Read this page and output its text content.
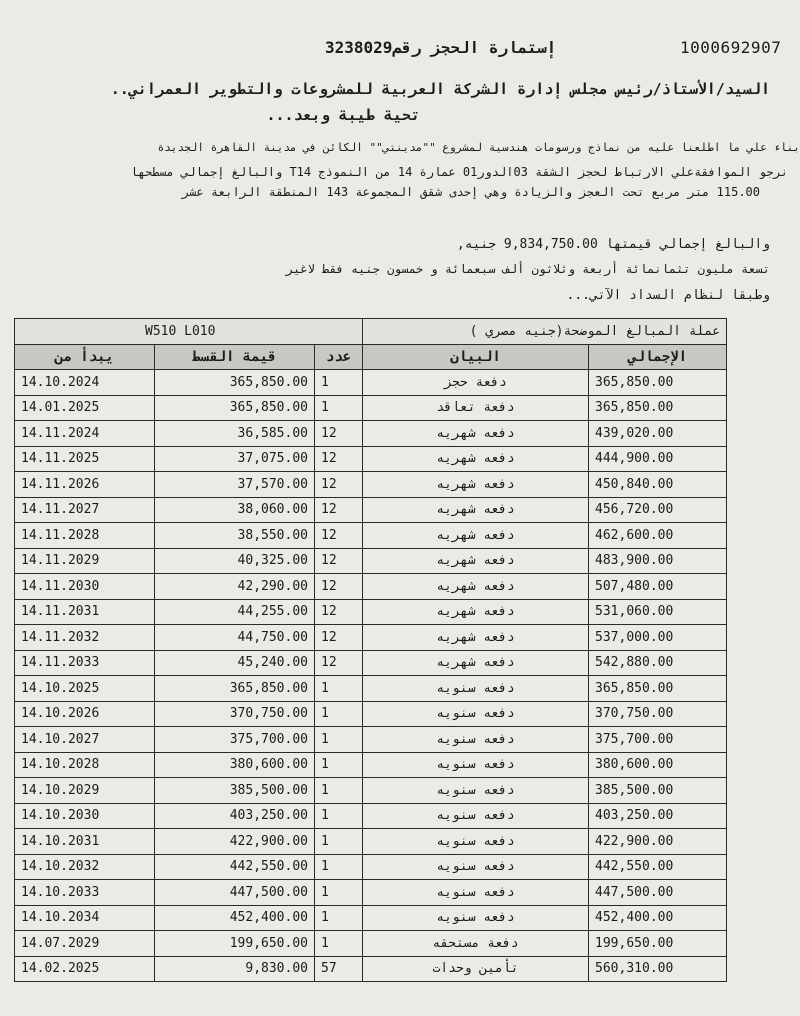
1000692907
إستمارة الحجز رقم3238029
السيد/الأستاذ/رئيس مجلس إدارة الشركة العربية للمشروعات والتطوير العمراني..
تحية طيبة وبعد...
بناء علي ما اطلعنا عليه من نماذج ورسومات هندسية لمشروع ""مدينتي"" الكائن في مدينة القاهرة الجديدة
نرجو الموافقةعلي الارتباط لحجز الشقة 03الدور01 عمارة 14 من النموذج T14 والبالغ إجمالي مسطحها
115.00 متر مربع تحت العجز والزيادة وهي إحدى شقق المجموعة 143 المنطقة الرابعة عشر
والبالغ إجمالي قيمتها 9,834,750.00 جنيه,
تسعة مليون تثمانمائة أربعة وثلاثون ألف سبعمائة و خمسون جنيه فقط لاغير
وطبقا لنظام السداد الآتي...
W510 L010			عملة المبالغ الموضحة(جنيه مصري )	
يبدأ من	قيمة القسط	عدد	البيان	الإجمالي
14.10.2024	365,850.00	1	دفعة حجز	365,850.00
14.01.2025	365,850.00	1	دفعة تعاقد	365,850.00
14.11.2024	36,585.00	12	دفعه شهريه	439,020.00
14.11.2025	37,075.00	12	دفعه شهريه	444,900.00
14.11.2026	37,570.00	12	دفعه شهريه	450,840.00
14.11.2027	38,060.00	12	دفعه شهريه	456,720.00
14.11.2028	38,550.00	12	دفعه شهريه	462,600.00
14.11.2029	40,325.00	12	دفعه شهريه	483,900.00
14.11.2030	42,290.00	12	دفعه شهريه	507,480.00
14.11.2031	44,255.00	12	دفعه شهريه	531,060.00
14.11.2032	44,750.00	12	دفعه شهريه	537,000.00
14.11.2033	45,240.00	12	دفعه شهريه	542,880.00
14.10.2025	365,850.00	1	دفعه سنويه	365,850.00
14.10.2026	370,750.00	1	دفعه سنويه	370,750.00
14.10.2027	375,700.00	1	دفعه سنويه	375,700.00
14.10.2028	380,600.00	1	دفعه سنويه	380,600.00
14.10.2029	385,500.00	1	دفعه سنويه	385,500.00
14.10.2030	403,250.00	1	دفعه سنويه	403,250.00
14.10.2031	422,900.00	1	دفعه سنويه	422,900.00
14.10.2032	442,550.00	1	دفعه سنويه	442,550.00
14.10.2033	447,500.00	1	دفعه سنويه	447,500.00
14.10.2034	452,400.00	1	دفعه سنويه	452,400.00
14.07.2029	199,650.00	1	دفعة مستحقه	199,650.00
14.02.2025	9,830.00	57	تأمين وحدات	560,310.00
